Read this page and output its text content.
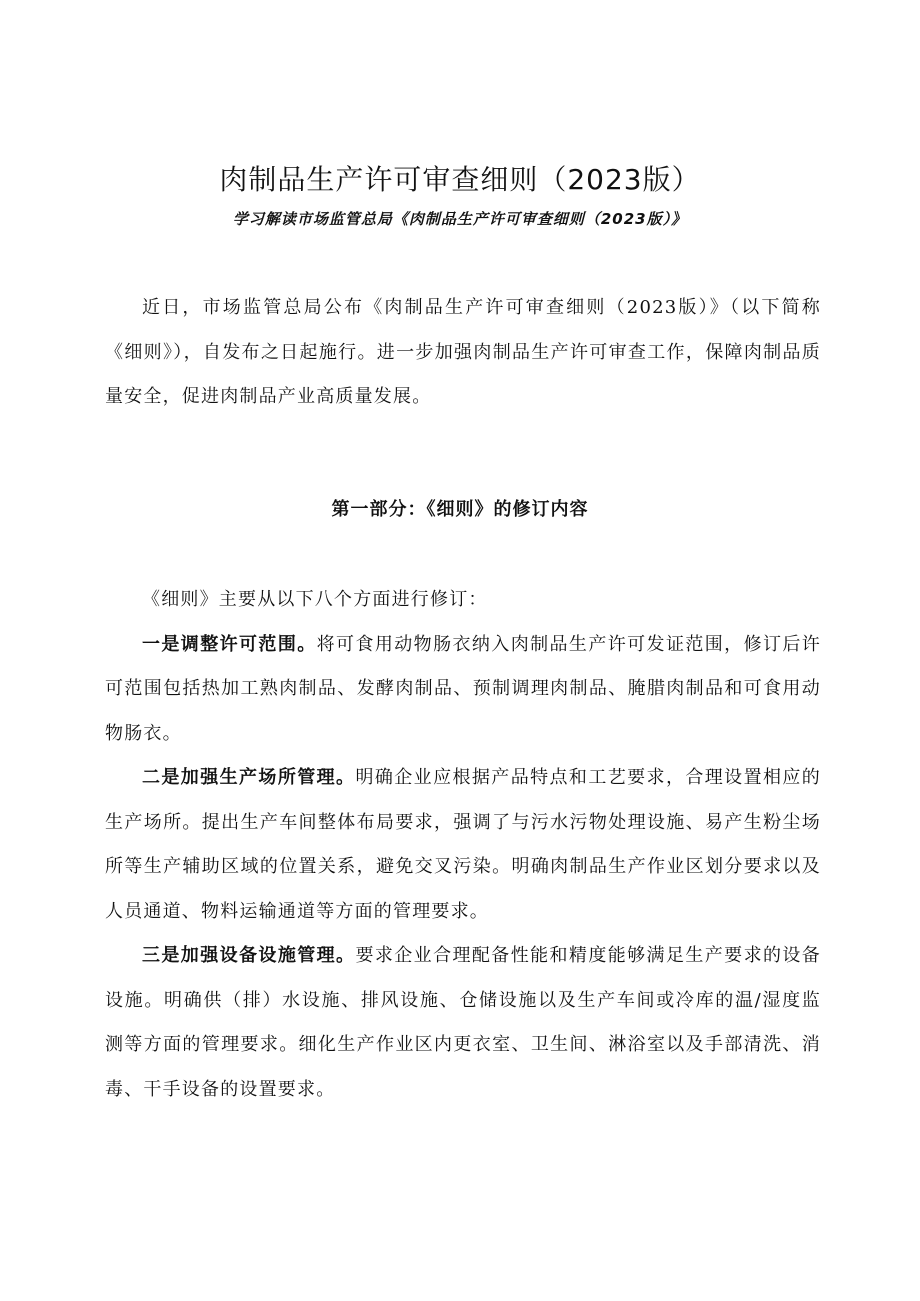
肉制品生产许可审查细则（2023版）
学习解读市场监管总局《肉制品生产许可审查细则（2023版）》

近日，市场监管总局公布《肉制品生产许可审查细则（2023版）》（以下简称《细则》），自发布之日起施行。进一步加强肉制品生产许可审查工作，保障肉制品质量安全，促进肉制品产业高质量发展。

第一部分：《细则》的修订内容

《细则》主要从以下八个方面进行修订：

一是调整许可范围。将可食用动物肠衣纳入肉制品生产许可发证范围，修订后许可范围包括热加工熟肉制品、发酵肉制品、预制调理肉制品、腌腊肉制品和可食用动物肠衣。

二是加强生产场所管理。明确企业应根据产品特点和工艺要求，合理设置相应的生产场所。提出生产车间整体布局要求，强调了与污水污物处理设施、易产生粉尘场所等生产辅助区域的位置关系，避免交叉污染。明确肉制品生产作业区划分要求以及人员通道、物料运输通道等方面的管理要求。

三是加强设备设施管理。要求企业合理配备性能和精度能够满足生产要求的设备设施。明确供（排）水设施、排风设施、仓储设施以及生产车间或冷库的温/湿度监测等方面的管理要求。细化生产作业区内更衣室、卫生间、淋浴室以及手部清洗、消毒、干手设备的设置要求。
